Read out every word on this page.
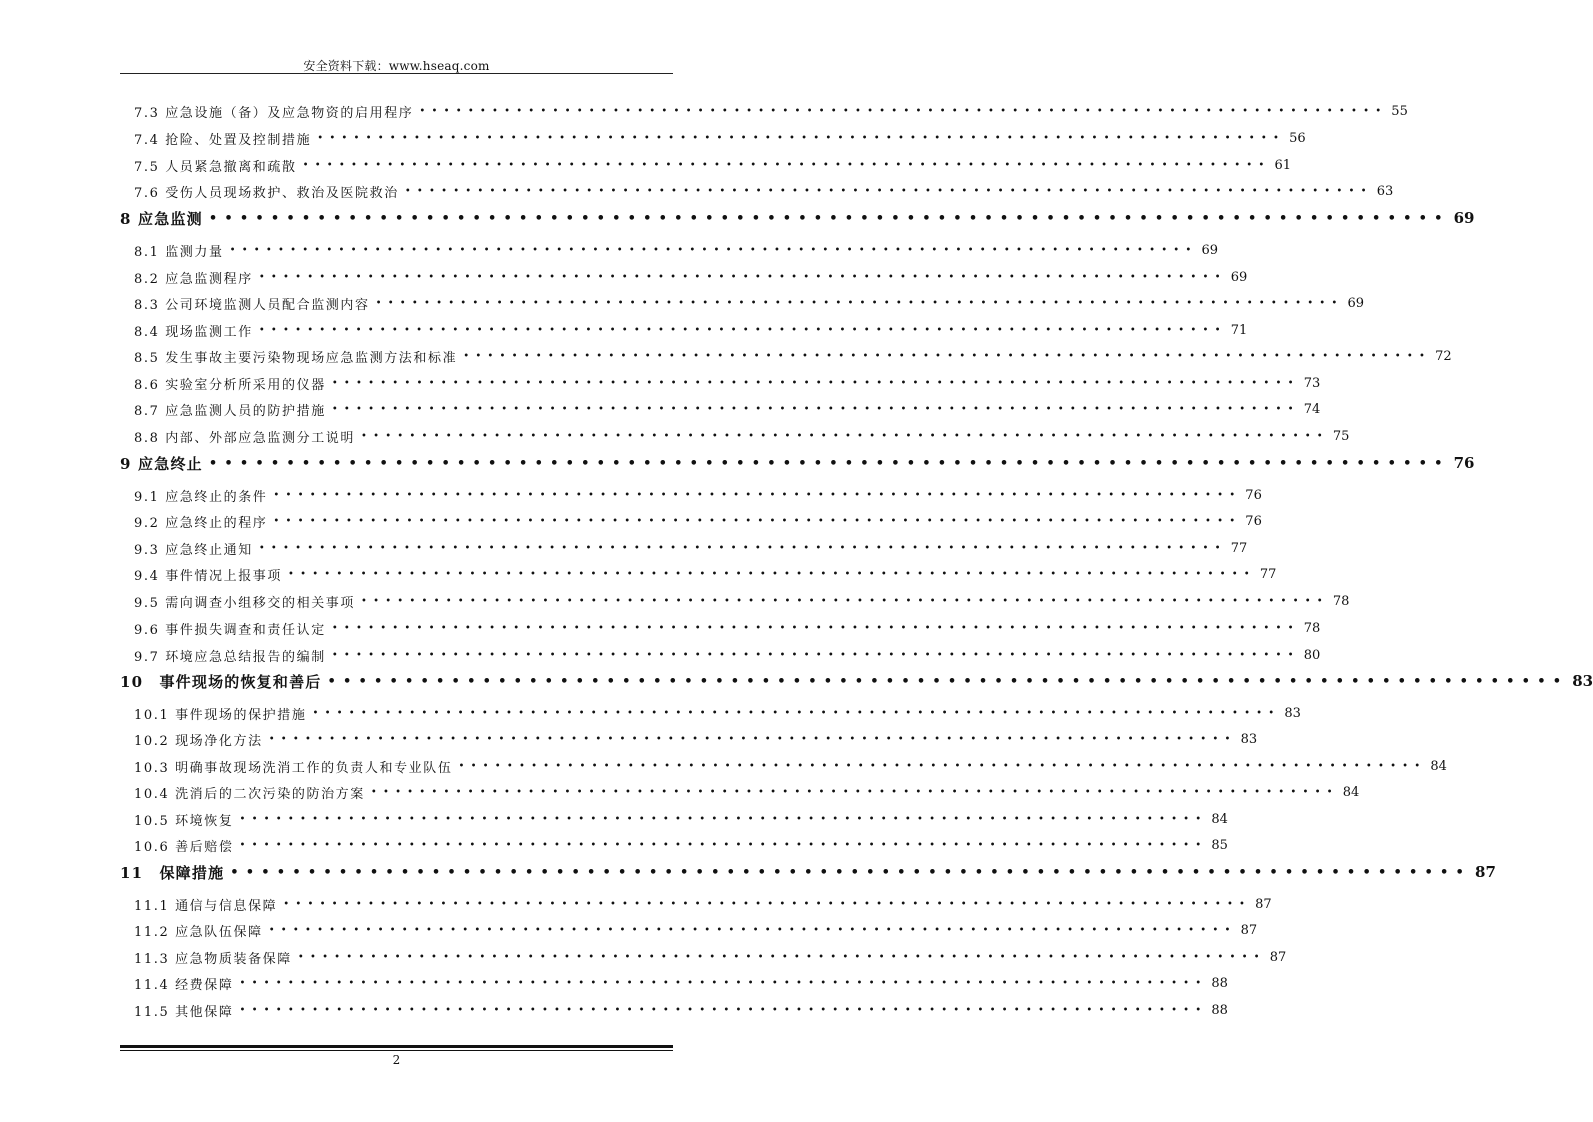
安全资料下载：www.hseaq.com
7.3 应急设施（备）及应急物资的启用程序 •••••••••••••••••••••••••••••••••••••••••••••••••••••••••••••••••••••••••••••••• 55
7.4 抢险、处置及控制措施 •••••••••••••••••••••••••••••••••••••••••••••••••••••••••••••••••••••••••••••••• 56
7.5 人员紧急撤离和疏散 •••••••••••••••••••••••••••••••••••••••••••••••••••••••••••••••••••••••••••••••• 61
7.6 受伤人员现场救护、救治及医院救治 •••••••••••••••••••••••••••••••••••••••••••••••••••••••••••••••••••••••••••••••• 63
8 应急监测 •••••••••••••••••••••••••••••••••••••••••••••••••••••••••••••••••••••••••••••••• 69
8.1 监测力量 •••••••••••••••••••••••••••••••••••••••••••••••••••••••••••••••••••••••••••••••• 69
8.2 应急监测程序 •••••••••••••••••••••••••••••••••••••••••••••••••••••••••••••••••••••••••••••••• 69
8.3 公司环境监测人员配合监测内容 •••••••••••••••••••••••••••••••••••••••••••••••••••••••••••••••••••••••••••••••• 69
8.4 现场监测工作 •••••••••••••••••••••••••••••••••••••••••••••••••••••••••••••••••••••••••••••••• 71
8.5 发生事故主要污染物现场应急监测方法和标准 •••••••••••••••••••••••••••••••••••••••••••••••••••••••••••••••••••••••••••••••• 72
8.6 实验室分析所采用的仪器 •••••••••••••••••••••••••••••••••••••••••••••••••••••••••••••••••••••••••••••••• 73
8.7 应急监测人员的防护措施 •••••••••••••••••••••••••••••••••••••••••••••••••••••••••••••••••••••••••••••••• 74
8.8 内部、外部应急监测分工说明 •••••••••••••••••••••••••••••••••••••••••••••••••••••••••••••••••••••••••••••••• 75
9 应急终止 •••••••••••••••••••••••••••••••••••••••••••••••••••••••••••••••••••••••••••••••• 76
9.1 应急终止的条件 •••••••••••••••••••••••••••••••••••••••••••••••••••••••••••••••••••••••••••••••• 76
9.2 应急终止的程序 •••••••••••••••••••••••••••••••••••••••••••••••••••••••••••••••••••••••••••••••• 76
9.3 应急终止通知 •••••••••••••••••••••••••••••••••••••••••••••••••••••••••••••••••••••••••••••••• 77
9.4 事件情况上报事项 •••••••••••••••••••••••••••••••••••••••••••••••••••••••••••••••••••••••••••••••• 77
9.5 需向调查小组移交的相关事项 •••••••••••••••••••••••••••••••••••••••••••••••••••••••••••••••••••••••••••••••• 78
9.6 事件损失调查和责任认定 •••••••••••••••••••••••••••••••••••••••••••••••••••••••••••••••••••••••••••••••• 78
9.7 环境应急总结报告的编制 •••••••••••••••••••••••••••••••••••••••••••••••••••••••••••••••••••••••••••••••• 80
10　事件现场的恢复和善后 •••••••••••••••••••••••••••••••••••••••••••••••••••••••••••••••••••••••••••••••• 83
10.1 事件现场的保护措施 •••••••••••••••••••••••••••••••••••••••••••••••••••••••••••••••••••••••••••••••• 83
10.2 现场净化方法 •••••••••••••••••••••••••••••••••••••••••••••••••••••••••••••••••••••••••••••••• 83
10.3 明确事故现场洗消工作的负责人和专业队伍 •••••••••••••••••••••••••••••••••••••••••••••••••••••••••••••••••••••••••••••••• 84
10.4 洗消后的二次污染的防治方案 •••••••••••••••••••••••••••••••••••••••••••••••••••••••••••••••••••••••••••••••• 84
10.5 环境恢复 •••••••••••••••••••••••••••••••••••••••••••••••••••••••••••••••••••••••••••••••• 84
10.6 善后赔偿 •••••••••••••••••••••••••••••••••••••••••••••••••••••••••••••••••••••••••••••••• 85
11　保障措施 •••••••••••••••••••••••••••••••••••••••••••••••••••••••••••••••••••••••••••••••• 87
11.1 通信与信息保障 •••••••••••••••••••••••••••••••••••••••••••••••••••••••••••••••••••••••••••••••• 87
11.2 应急队伍保障 •••••••••••••••••••••••••••••••••••••••••••••••••••••••••••••••••••••••••••••••• 87
11.3 应急物质装备保障 •••••••••••••••••••••••••••••••••••••••••••••••••••••••••••••••••••••••••••••••• 87
11.4 经费保障 •••••••••••••••••••••••••••••••••••••••••••••••••••••••••••••••••••••••••••••••• 88
11.5 其他保障 •••••••••••••••••••••••••••••••••••••••••••••••••••••••••••••••••••••••••••••••• 88
2
